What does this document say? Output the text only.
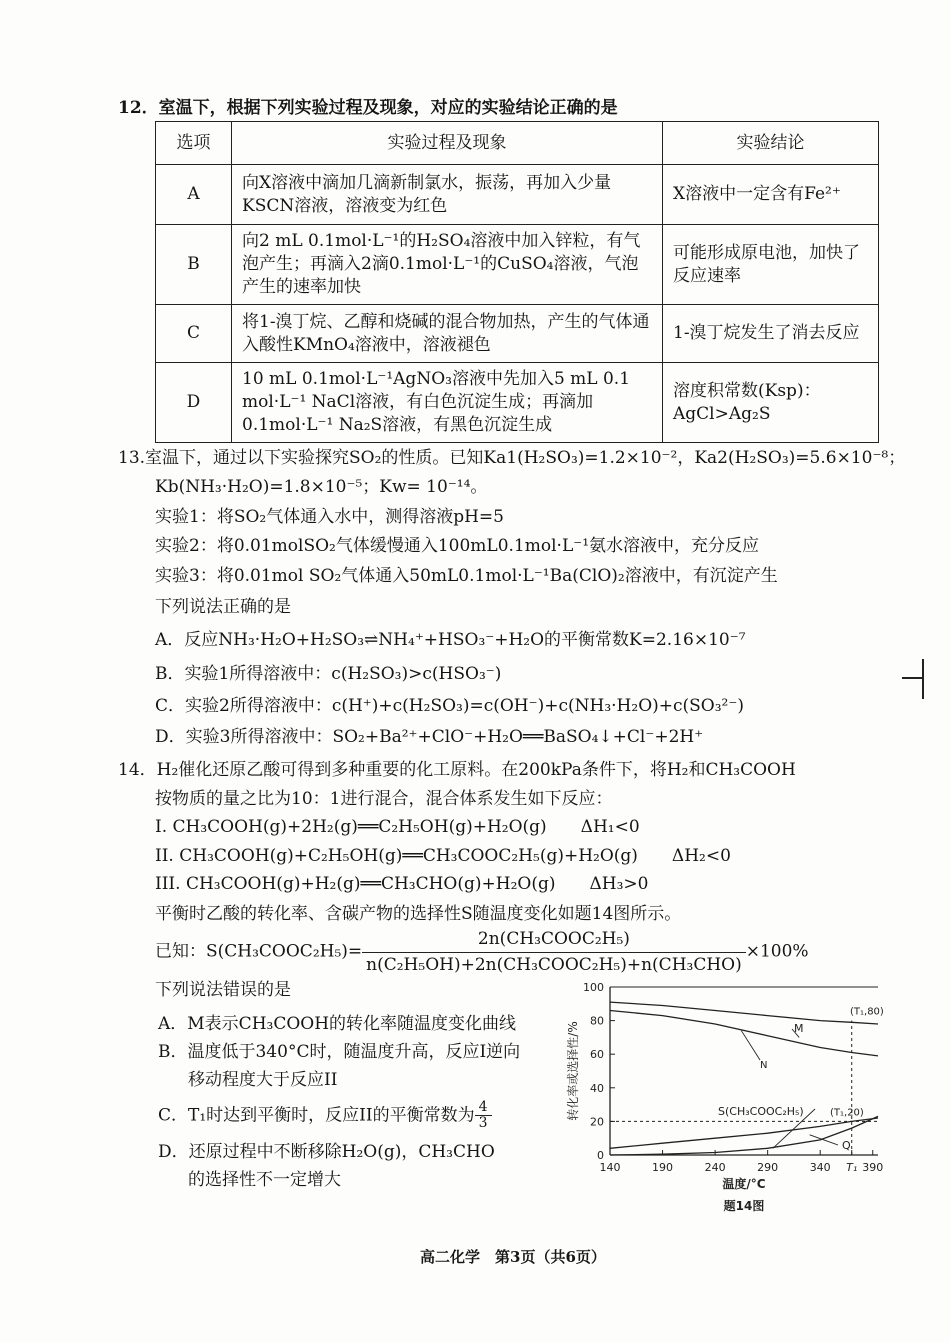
12．室温下，根据下列实验过程及现象，对应的实验结论正确的是
选项	实验过程及现象	实验结论
A	向X溶液中滴加几滴新制氯水，振荡，再加入少量KSCN溶液，溶液变为红色	X溶液中一定含有Fe²⁺
B	向2 mL 0.1mol·L⁻¹的H₂SO₄溶液中加入锌粒，有气泡产生；再滴入2滴0.1mol·L⁻¹的CuSO₄溶液，气泡产生的速率加快	可能形成原电池，加快了反应速率
C	将1-溴丁烷、乙醇和烧碱的混合物加热，产生的气体通入酸性KMnO₄溶液中，溶液褪色	1-溴丁烷发生了消去反应
D	10 mL 0.1mol·L⁻¹AgNO₃溶液中先加入5 mL 0.1 mol·L⁻¹ NaCl溶液，有白色沉淀生成；再滴加0.1mol·L⁻¹ Na₂S溶液，有黑色沉淀生成	溶度积常数(Ksp)：AgCl>Ag₂S
13.室温下，通过以下实验探究SO₂的性质。已知Ka1(H₂SO₃)=1.2×10⁻²，Ka2(H₂SO₃)=5.6×10⁻⁸；
Kb(NH₃·H₂O)=1.8×10⁻⁵；Kw= 10⁻¹⁴。
实验1：将SO₂气体通入水中，测得溶液pH=5
实验2：将0.01molSO₂气体缓慢通入100mL0.1mol·L⁻¹氨水溶液中，充分反应
实验3：将0.01mol SO₂气体通入50mL0.1mol·L⁻¹Ba(ClO)₂溶液中，有沉淀产生
下列说法正确的是
A．反应NH₃·H₂O+H₂SO₃⇌NH₄⁺+HSO₃⁻+H₂O的平衡常数K=2.16×10⁻⁷
B．实验1所得溶液中：c(H₂SO₃)>c(HSO₃⁻)
C．实验2所得溶液中：c(H⁺)+c(H₂SO₃)=c(OH⁻)+c(NH₃·H₂O)+c(SO₃²⁻)
D．实验3所得溶液中：SO₂+Ba²⁺+ClO⁻+H₂O══BaSO₄↓+Cl⁻+2H⁺
14．H₂催化还原乙酸可得到多种重要的化工原料。在200kPa条件下，将H₂和CH₃COOH
按物质的量之比为10：1进行混合，混合体系发生如下反应：
I. CH₃COOH(g)+2H₂(g)══C₂H₅OH(g)+H₂O(g)　　ΔH₁<0
II. CH₃COOH(g)+C₂H₅OH(g)══CH₃COOC₂H₅(g)+H₂O(g)　　ΔH₂<0
III. CH₃COOH(g)+H₂(g)══CH₃CHO(g)+H₂O(g)　　ΔH₃>0
平衡时乙酸的转化率、含碳产物的选择性S随温度变化如题14图所示。
已知：S(CH₃COOC₂H₅)= $\frac{\text{2n(CH₃COOC₂H₅)}}{\text{n(C₂H₅OH)+2n(CH₃COOC₂H₅)+n(CH₃CHO)}} \times 100\%$
下列说法错误的是
A．M表示CH₃COOH的转化率随温度变化曲线
B．温度低于340°C时，随温度升高，反应I逆向
移动程度大于反应II
C．T₁时达到平衡时，反应II的平衡常数为 $\frac{4}{3}$
D．还原过程中不断移除H₂O(g)，CH₃CHO
的选择性不一定增大
0
20
40
60
80
100
140	190	240	290	340 T₁ 390
M
N
S(CH₃COOC₂H₅)
Q
(T₁,80)
(T₁,20)
转化率或选择性/%
温度/°C
题14图
高二化学　第3页（共6页）
